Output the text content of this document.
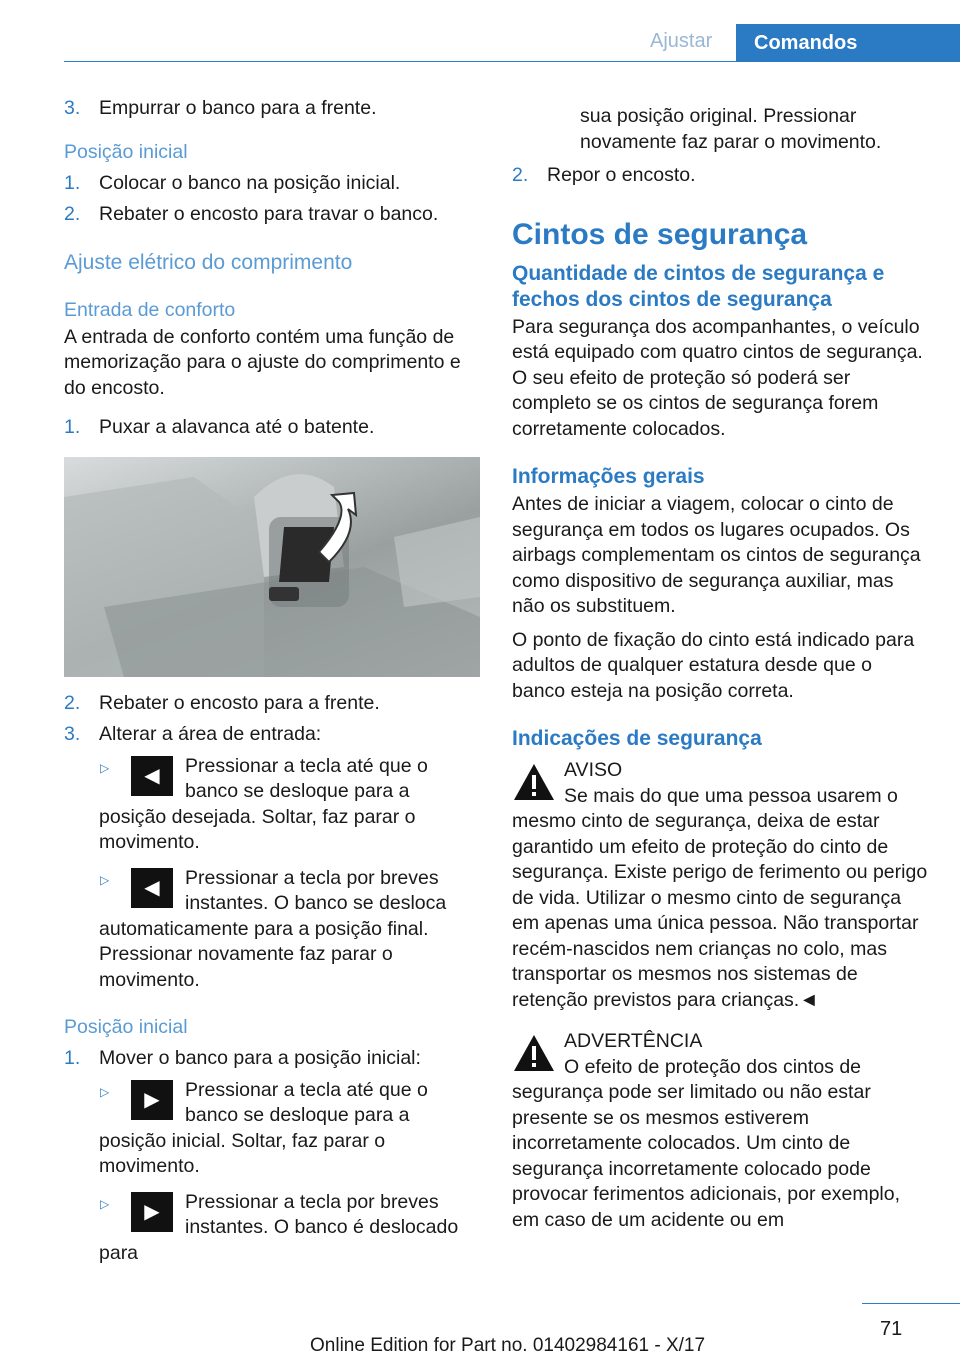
Ajustar	Comandos
3. Empurrar o banco para a frente.
Posição inicial
1. Colocar o banco na posição inicial.
2. Rebater o encosto para travar o banco.
Ajuste elétrico do comprimento
Entrada de conforto
A entrada de conforto contém uma função de memorização para o ajuste do comprimento e do encosto.
1. Puxar a alavanca até o batente.
2. Rebater o encosto para a frente.
3. Alterar a área de entrada:
▷	◀	Pressionar a tecla até que o banco se desloque para a posição desejada. Soltar, faz parar o movimento.
▷	◀	Pressionar a tecla por breves instantes. O banco se desloca automaticamente para a posição final. Pressionar novamente faz parar o movimento.
Posição inicial
1. Mover o banco para a posição inicial:
▷	▶	Pressionar a tecla até que o banco se desloque para a posição inicial. Soltar, faz parar o movimento.
▷	▶	Pressionar a tecla por breves instantes. O banco é deslocado para
sua posição original. Pressionar novamente faz parar o movimento.
2. Repor o encosto.
Cintos de segurança
Quantidade de cintos de segurança e fechos dos cintos de segurança
Para segurança dos acompanhantes, o veículo está equipado com quatro cintos de segurança. O seu efeito de proteção só poderá ser completo se os cintos de segurança forem corretamente colocados.
Informações gerais
Antes de iniciar a viagem, colocar o cinto de segurança em todos os lugares ocupados. Os airbags complementam os cintos de segurança como dispositivo de segurança auxiliar, mas não os substituem.
O ponto de fixação do cinto está indicado para adultos de qualquer estatura desde que o banco esteja na posição correta.
Indicações de segurança
AVISO
Se mais do que uma pessoa usarem o mesmo cinto de segurança, deixa de estar garantido um efeito de proteção do cinto de segurança. Existe perigo de ferimento ou perigo de vida. Utilizar o mesmo cinto de segurança em apenas uma única pessoa. Não transportar recém-nascidos nem crianças no colo, mas transportar os mesmos nos sistemas de retenção previstos para crianças.◄
ADVERTÊNCIA
O efeito de proteção dos cintos de segurança pode ser limitado ou não estar presente se os mesmos estiverem incorretamente colocados. Um cinto de segurança incorretamente colocado pode provocar ferimentos adicionais, por exemplo, em caso de um acidente ou em
71
Online Edition for Part no. 01402984161 - X/17
